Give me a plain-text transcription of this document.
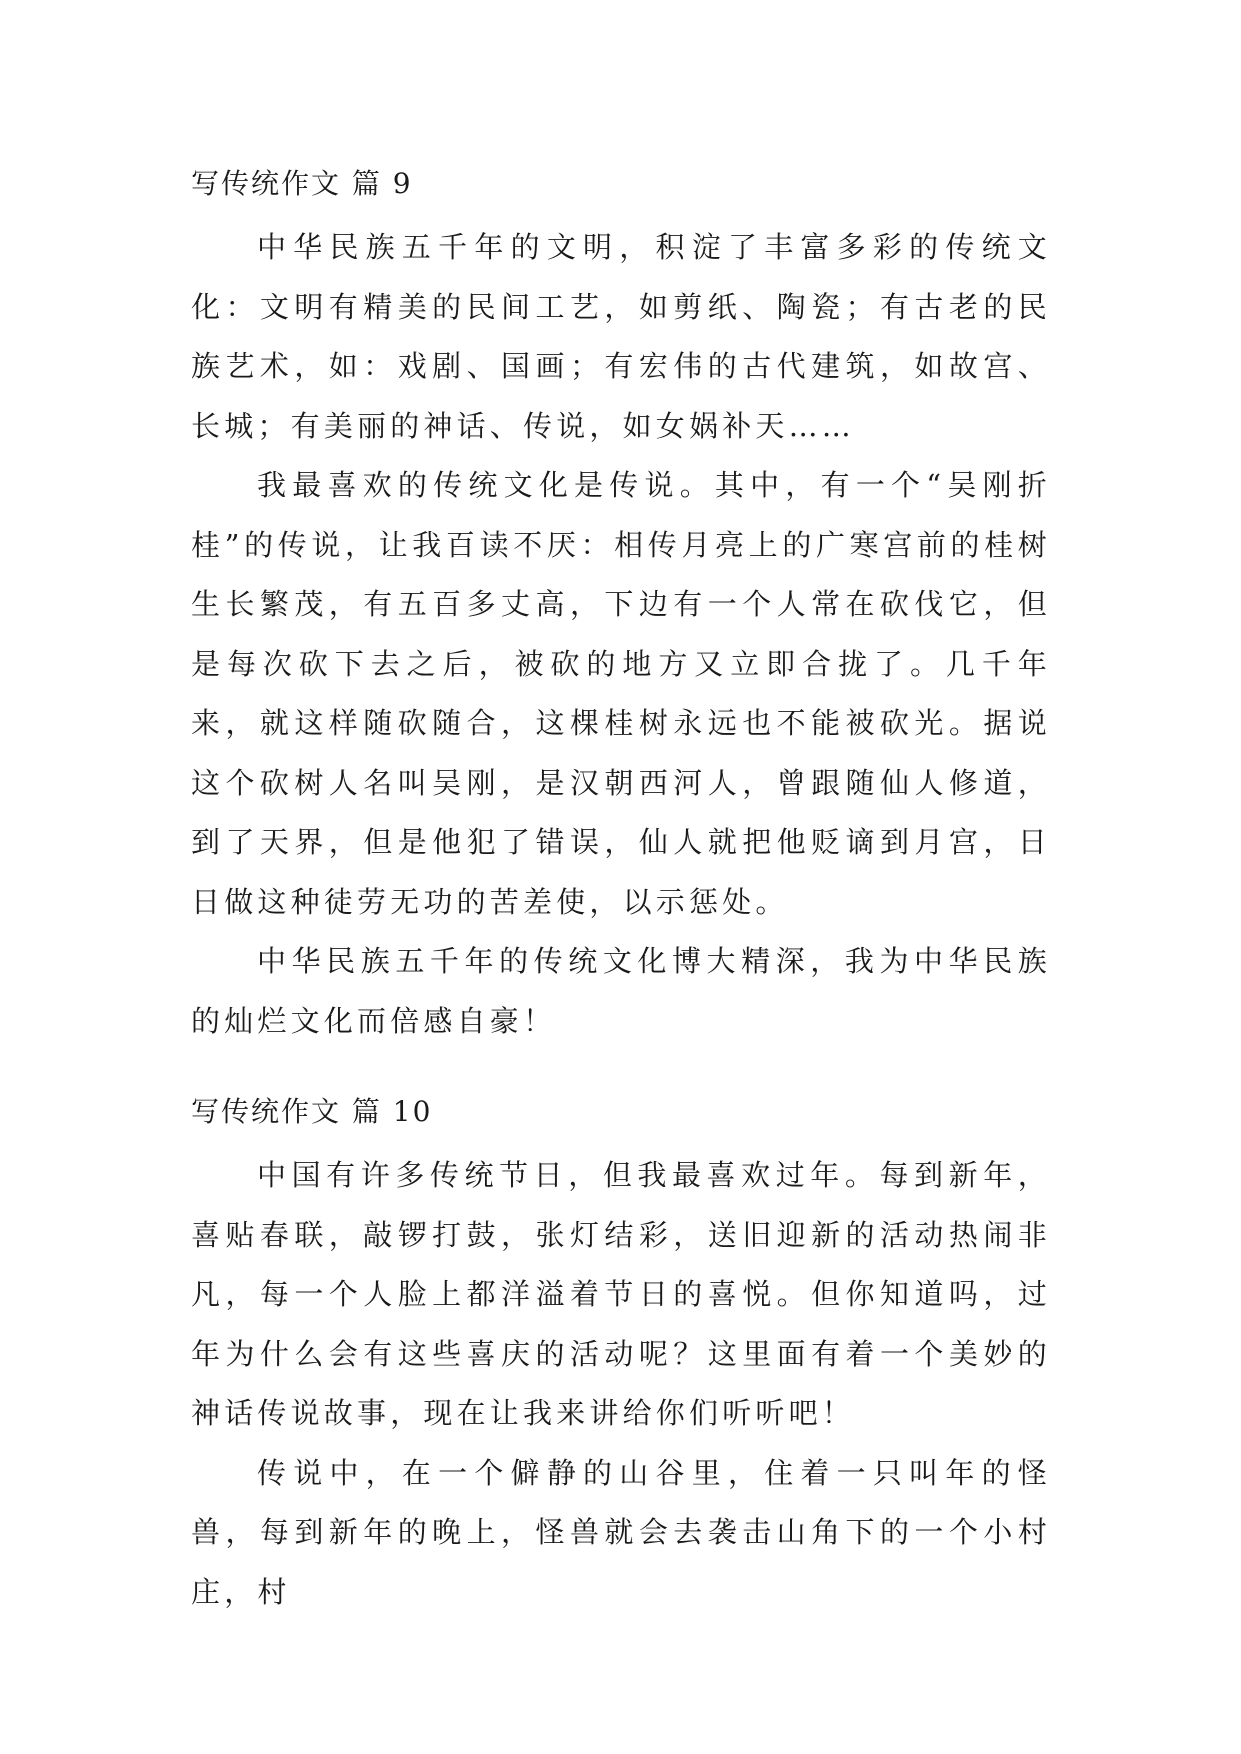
写传统作文 篇 9

中华民族五千年的文明，积淀了丰富多彩的传统文化：文明有精美的民间工艺，如剪纸、陶瓷；有古老的民族艺术，如：戏剧、国画；有宏伟的古代建筑，如故宫、长城；有美丽的神话、传说，如女娲补天……

我最喜欢的传统文化是传说。其中，有一个“吴刚折桂”的传说，让我百读不厌：相传月亮上的广寒宫前的桂树生长繁茂，有五百多丈高，下边有一个人常在砍伐它，但是每次砍下去之后，被砍的地方又立即合拢了。几千年来，就这样随砍随合，这棵桂树永远也不能被砍光。据说这个砍树人名叫吴刚，是汉朝西河人，曾跟随仙人修道，到了天界，但是他犯了错误，仙人就把他贬谪到月宫，日日做这种徒劳无功的苦差使，以示惩处。

中华民族五千年的传统文化博大精深，我为中华民族的灿烂文化而倍感自豪！

写传统作文 篇 10

中国有许多传统节日，但我最喜欢过年。每到新年，喜贴春联，敲锣打鼓，张灯结彩，送旧迎新的活动热闹非凡，每一个人脸上都洋溢着节日的喜悦。但你知道吗，过年为什么会有这些喜庆的活动呢？这里面有着一个美妙的神话传说故事，现在让我来讲给你们听听吧！

传说中，在一个僻静的山谷里，住着一只叫年的怪兽，每到新年的晚上，怪兽就会去袭击山角下的一个小村庄，村
